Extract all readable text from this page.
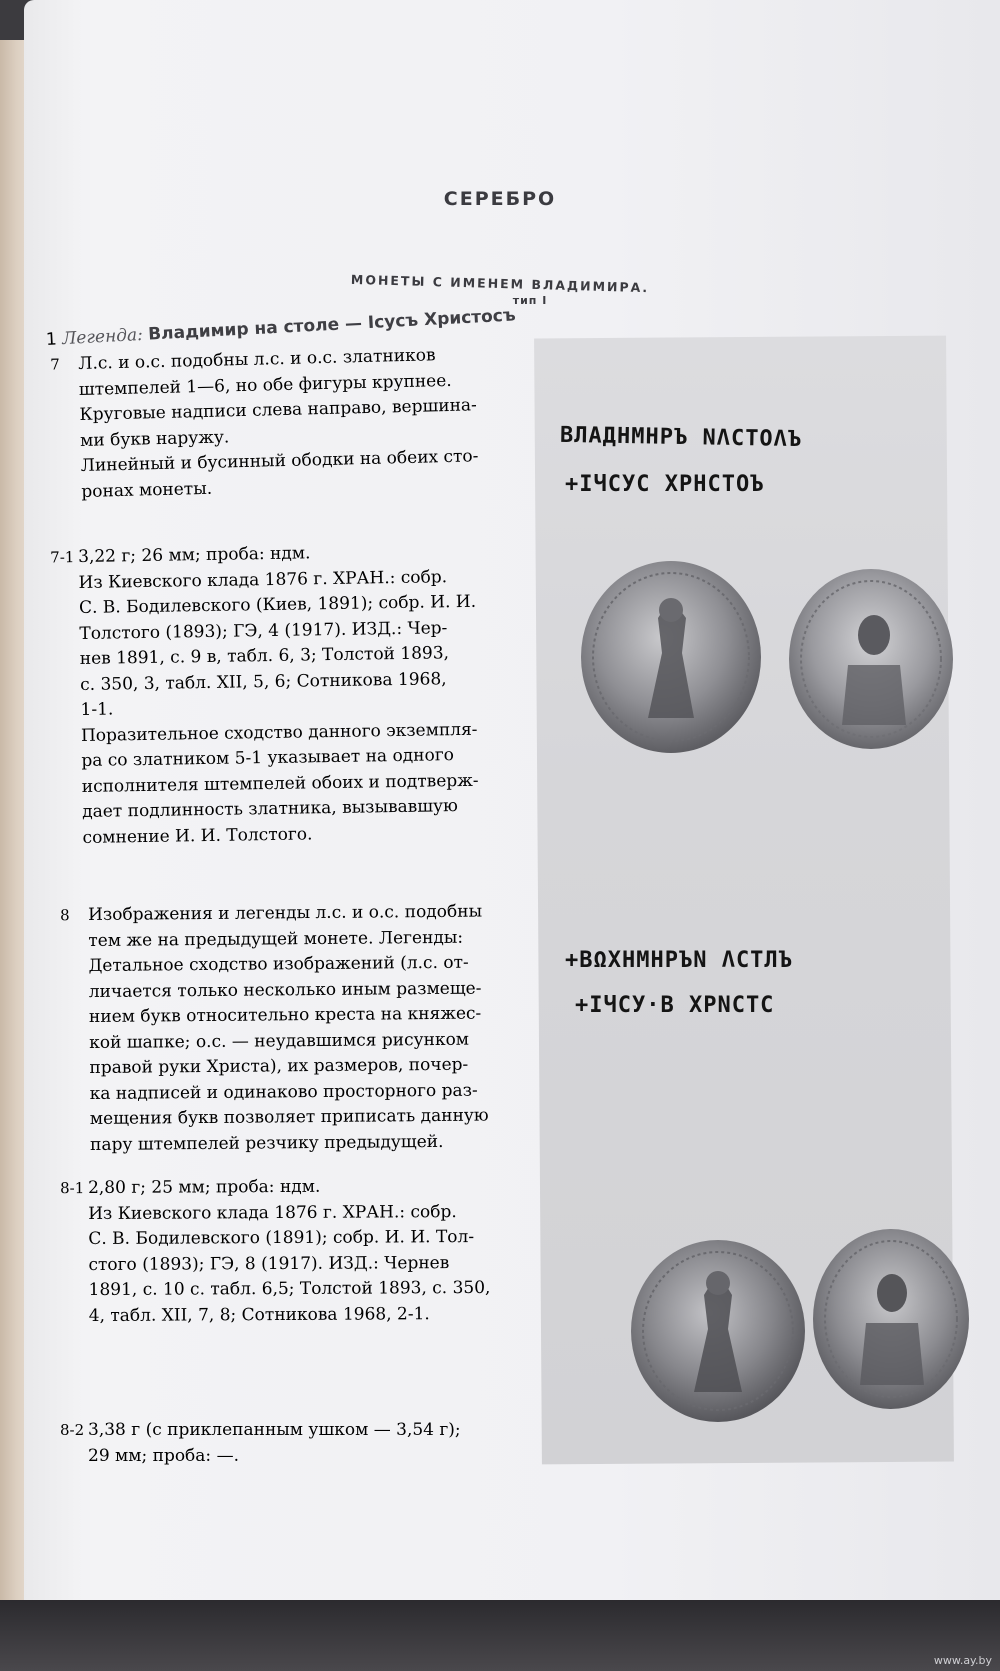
СЕРЕБРО
МОНЕТЫ С ИМЕНЕМ ВЛАДИМИРА.
тип I
1 Легенда: Владимир на столе — Іcусъ Христосъ
7 Л.с. и о.с. подобны л.с. и о.с. златников
штемпелей 1—6, но обе фигуры крупнее.
Круговые надписи слева направо, вершина-
ми букв наружу.
Линейный и бусинный ободки на обеих сто-
ронах монеты.
7-1 3,22 г; 26 мм; проба: ндм.
Из Киевского клада 1876 г. ХРАН.: собр.
С. В. Бодилевского (Киев, 1891); собр. И. И.
Толстого (1893); ГЭ, 4 (1917). ИЗД.: Чер-
нев 1891, с. 9 в, табл. 6, 3; Толстой 1893,
с. 350, 3, табл. XII, 5, 6; Сотникова 1968,
1-1.
Поразительное сходство данного экземпля-
ра со златником 5-1 указывает на одного
исполнителя штемпелей обоих и подтверж-
дает подлинность златника, вызывавшую
сомнение И. И. Толстого.
8 Изображения и легенды л.с. и о.с. подобны
тем же на предыдущей монете. Легенды:
Детальное сходство изображений (л.с. от-
личается только несколько иным размеще-
нием букв относительно креста на княжес-
кой шапке; о.с. — неудавшимся рисунком
правой руки Христа), их размеров, почер-
ка надписей и одинаково просторного раз-
мещения букв позволяет приписать данную
пару штемпелей резчику предыдущей.
8-1 2,80 г; 25 мм; проба: ндм.
Из Киевского клада 1876 г. ХРАН.: собр.
С. В. Бодилевского (1891); собр. И. И. Тол-
стого (1893); ГЭ, 8 (1917). ИЗД.: Чернев
1891, с. 10 с. табл. 6,5; Толстой 1893, с. 350,
4, табл. XII, 7, 8; Сотникова 1968, 2-1.
8-2 3,38 г (с приклепанным ушком — 3,54 г);
29 мм; проба: —.
ВЛАДНМНРЪ NΛСТОΛЪ
+ІЧСУС ХРНСТОЪ
+ВΩХНМНРЪN ΛСТЛЪ
+ІЧСУ·В ХРNСТС
www.ay.by
